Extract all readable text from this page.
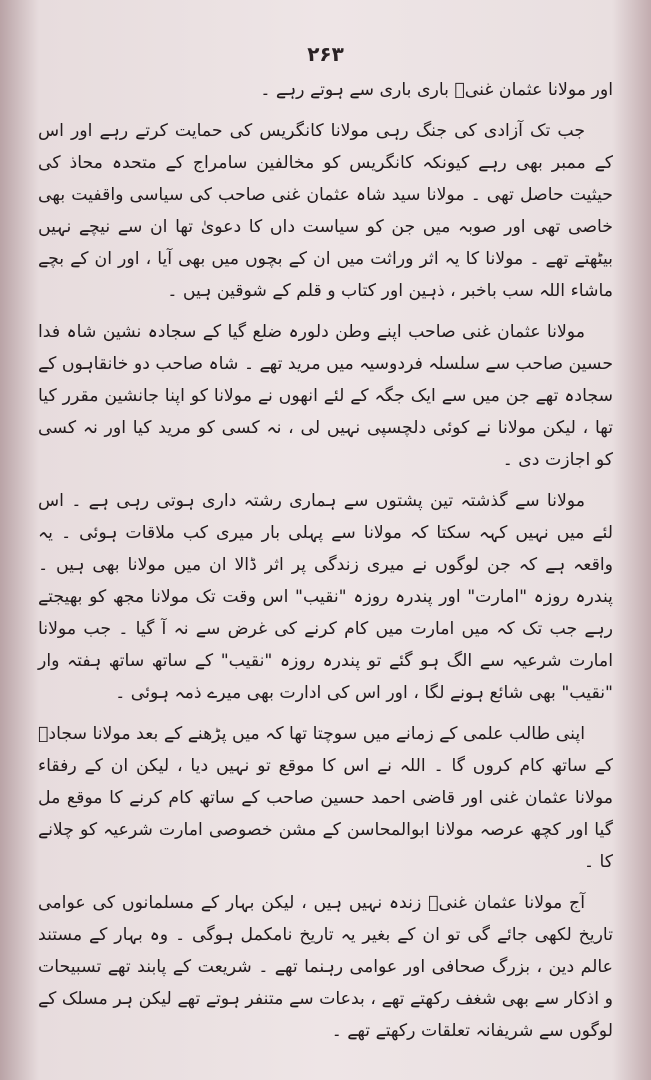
۲۶۳

اور مولانا عثمان غنیؒ باری باری سے ہوتے رہے ۔

جب تک آزادی کی جنگ رہی مولانا کانگریس کی حمایت کرتے رہے اور اس کے ممبر بھی رہے کیونکہ کانگریس کو مخالفین سامراج کے متحدہ محاذ کی حیثیت حاصل تھی ۔ مولانا سید شاہ عثمان غنی صاحب کی سیاسی واقفیت بھی خاصی تھی اور صوبہ میں جن کو سیاست داں کا دعویٰ تھا ان سے نیچے نہیں بیٹھتے تھے ۔ مولانا کا یہ اثر وراثت میں ان کے بچوں میں بھی آیا ، اور ان کے بچے ماشاء اللہ سب باخبر ، ذہین اور کتاب و قلم کے شوقین ہیں ۔

مولانا عثمان غنی صاحب اپنے وطن دلورہ ضلع گیا کے سجادہ نشین شاہ فدا حسین صاحب سے سلسلہ فردوسیہ میں مرید تھے ۔ شاہ صاحب دو خانقاہوں کے سجادہ تھے جن میں سے ایک جگہ کے لئے انھوں نے مولانا کو اپنا جانشین مقرر کیا تھا ، لیکن مولانا نے کوئی دلچسپی نہیں لی ، نہ کسی کو مرید کیا اور نہ کسی کو اجازت دی ۔

مولانا سے گذشتہ تین پشتوں سے ہماری رشتہ داری ہوتی رہی ہے ۔ اس لئے میں نہیں کہہ سکتا کہ مولانا سے پہلی بار میری کب ملاقات ہوئی ۔ یہ واقعہ ہے کہ جن لوگوں نے میری زندگی پر اثر ڈالا ان میں مولانا بھی ہیں ۔ پندرہ روزہ "امارت" اور پندرہ روزہ "نقیب" اس وقت تک مولانا مجھ کو بھیجتے رہے جب تک کہ میں امارت میں کام کرنے کی غرض سے نہ آ گیا ۔ جب مولانا امارت شرعیہ سے الگ ہو گئے تو پندرہ روزہ "نقیب" کے ساتھ ساتھ ہفتہ وار "نقیب" بھی شائع ہونے لگا ، اور اس کی ادارت بھی میرے ذمہ ہوئی ۔

اپنی طالب علمی کے زمانے میں سوچتا تھا کہ میں پڑھنے کے بعد مولانا سجادؒ کے ساتھ کام کروں گا ۔ اللہ نے اس کا موقع تو نہیں دیا ، لیکن ان کے رفقاء مولانا عثمان غنی اور قاضی احمد حسین صاحب کے ساتھ کام کرنے کا موقع مل گیا اور کچھ عرصہ مولانا ابوالمحاسن کے مشن خصوصی امارت شرعیہ کو چلانے کا ۔

آج مولانا عثمان غنیؒ زندہ نہیں ہیں ، لیکن بہار کے مسلمانوں کی عوامی تاریخ لکھی جائے گی تو ان کے بغیر یہ تاریخ نامکمل ہوگی ۔ وہ بہار کے مستند عالم دین ، بزرگ صحافی اور عوامی رہنما تھے ۔ شریعت کے پابند تھے تسبیحات و اذکار سے بھی شغف رکھتے تھے ، بدعات سے متنفر ہوتے تھے لیکن ہر مسلک کے لوگوں سے شریفانہ تعلقات رکھتے تھے ۔
